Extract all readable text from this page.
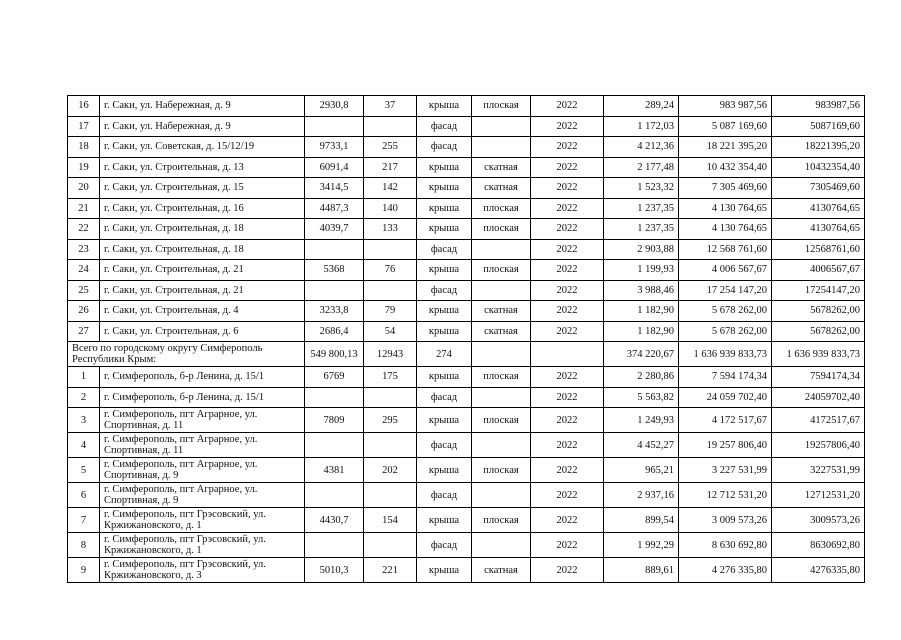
16	г. Саки, ул. Набережная, д. 9	2930,8	37	крыша	плоская	2022	289,24	983 987,56	983987,56
17	г. Саки, ул. Набережная, д. 9			фасад		2022	1 172,03	5 087 169,60	5087169,60
18	г. Саки, ул. Советская, д. 15/12/19	9733,1	255	фасад		2022	4 212,36	18 221 395,20	18221395,20
19	г. Саки, ул. Строительная, д. 13	6091,4	217	крыша	скатная	2022	2 177,48	10 432 354,40	10432354,40
20	г. Саки, ул. Строительная, д. 15	3414,5	142	крыша	скатная	2022	1 523,32	7 305 469,60	7305469,60
21	г. Саки, ул. Строительная, д. 16	4487,3	140	крыша	плоская	2022	1 237,35	4 130 764,65	4130764,65
22	г. Саки, ул. Строительная, д. 18	4039,7	133	крыша	плоская	2022	1 237,35	4 130 764,65	4130764,65
23	г. Саки, ул. Строительная, д. 18			фасад		2022	2 903,88	12 568 761,60	12568761,60
24	г. Саки, ул. Строительная, д. 21	5368	76	крыша	плоская	2022	1 199,93	4 006 567,67	4006567,67
25	г. Саки, ул. Строительная, д. 21			фасад		2022	3 988,46	17 254 147,20	17254147,20
26	г. Саки, ул. Строительная, д. 4	3233,8	79	крыша	скатная	2022	1 182,90	5 678 262,00	5678262,00
27	г. Саки, ул. Строительная, д. 6	2686,4	54	крыша	скатная	2022	1 182,90	5 678 262,00	5678262,00
Всего по городскому округу Симферополь Республики Крым:		549 800,13	12943	274			374 220,67	1 636 939 833,73	1 636 939 833,73
1	г. Симферополь, б-р Ленина, д. 15/1	6769	175	крыша	плоская	2022	2 280,86	7 594 174,34	7594174,34
2	г. Симферополь, б-р Ленина, д. 15/1			фасад		2022	5 563,82	24 059 702,40	24059702,40
3	г. Симферополь, пгт Аграрное, ул. Спортивная, д. 11	7809	295	крыша	плоская	2022	1 249,93	4 172 517,67	4172517,67
4	г. Симферополь, пгт Аграрное, ул. Спортивная, д. 11			фасад		2022	4 452,27	19 257 806,40	19257806,40
5	г. Симферополь, пгт Аграрное, ул. Спортивная, д. 9	4381	202	крыша	плоская	2022	965,21	3 227 531,99	3227531,99
6	г. Симферополь, пгт Аграрное, ул. Спортивная, д. 9			фасад		2022	2 937,16	12 712 531,20	12712531,20
7	г. Симферополь, пгт Грэсовский, ул. Кржижановского, д. 1	4430,7	154	крыша	плоская	2022	899,54	3 009 573,26	3009573,26
8	г. Симферополь, пгт Грэсовский, ул. Кржижановского, д. 1			фасад		2022	1 992,29	8 630 692,80	8630692,80
9	г. Симферополь, пгт Грэсовский, ул. Кржижановского, д. 3	5010,3	221	крыша	скатная	2022	889,61	4 276 335,80	4276335,80
